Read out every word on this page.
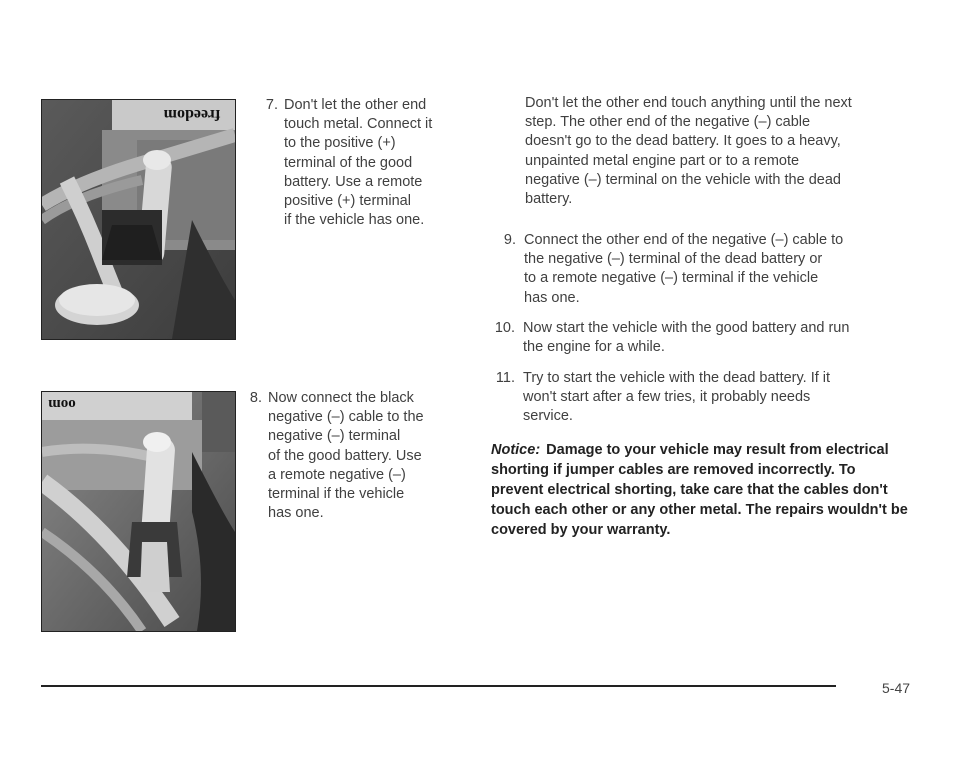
freedom
oom
7. Don't let the other end
touch metal. Connect it
to the positive (+)
terminal of the good
battery. Use a remote
positive (+) terminal
if the vehicle has one.
8. Now connect the black
negative (–) cable to the
negative (–) terminal
of the good battery. Use
a remote negative (–)
terminal if the vehicle
has one.
Don't let the other end touch anything until the next
step. The other end of the negative (–) cable
doesn't go to the dead battery. It goes to a heavy,
unpainted metal engine part or to a remote
negative (–) terminal on the vehicle with the dead
battery.
9. Connect the other end of the negative (–) cable to
the negative (–) terminal of the dead battery or
to a remote negative (–) terminal if the vehicle
has one.
10. Now start the vehicle with the good battery and run
the engine for a while.
11. Try to start the vehicle with the dead battery. If it
won't start after a few tries, it probably needs
service.
Notice: Damage to your vehicle may result from electrical shorting if jumper cables are removed incorrectly. To prevent electrical shorting, take care that the cables don't touch each other or any other metal. The repairs wouldn't be covered by your warranty.
5-47
